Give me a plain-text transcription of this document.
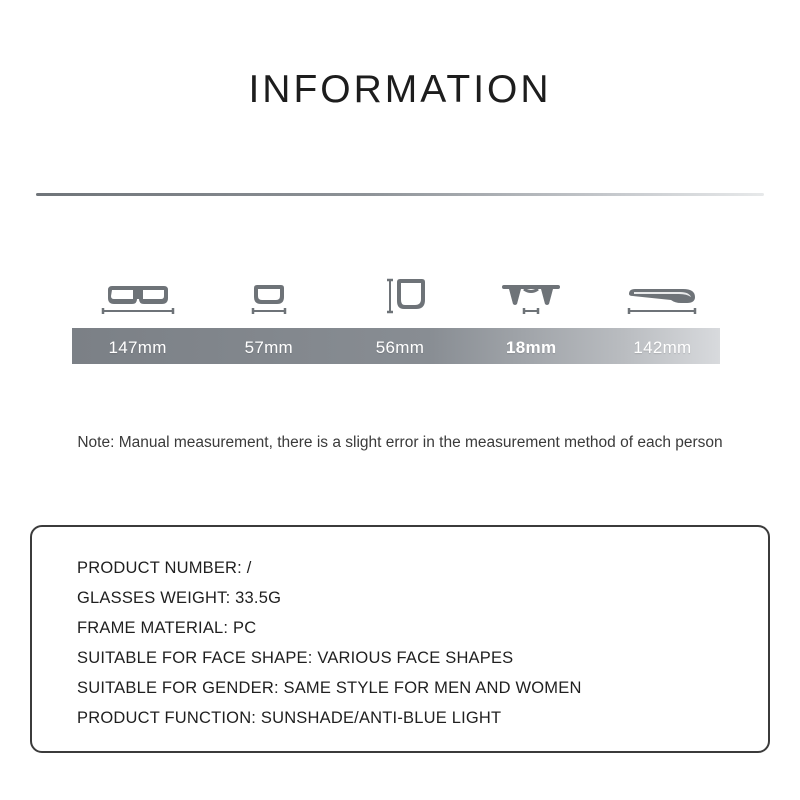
INFORMATION
147mm	57mm	56mm	18mm	142mm
Note: Manual measurement, there is a slight error in the measurement method of each person
PRODUCT NUMBER: /
GLASSES WEIGHT: 33.5G
FRAME MATERIAL: PC
SUITABLE FOR FACE SHAPE: VARIOUS FACE SHAPES
SUITABLE FOR GENDER: SAME STYLE FOR MEN AND WOMEN
PRODUCT FUNCTION: SUNSHADE/ANTI-BLUE LIGHT
